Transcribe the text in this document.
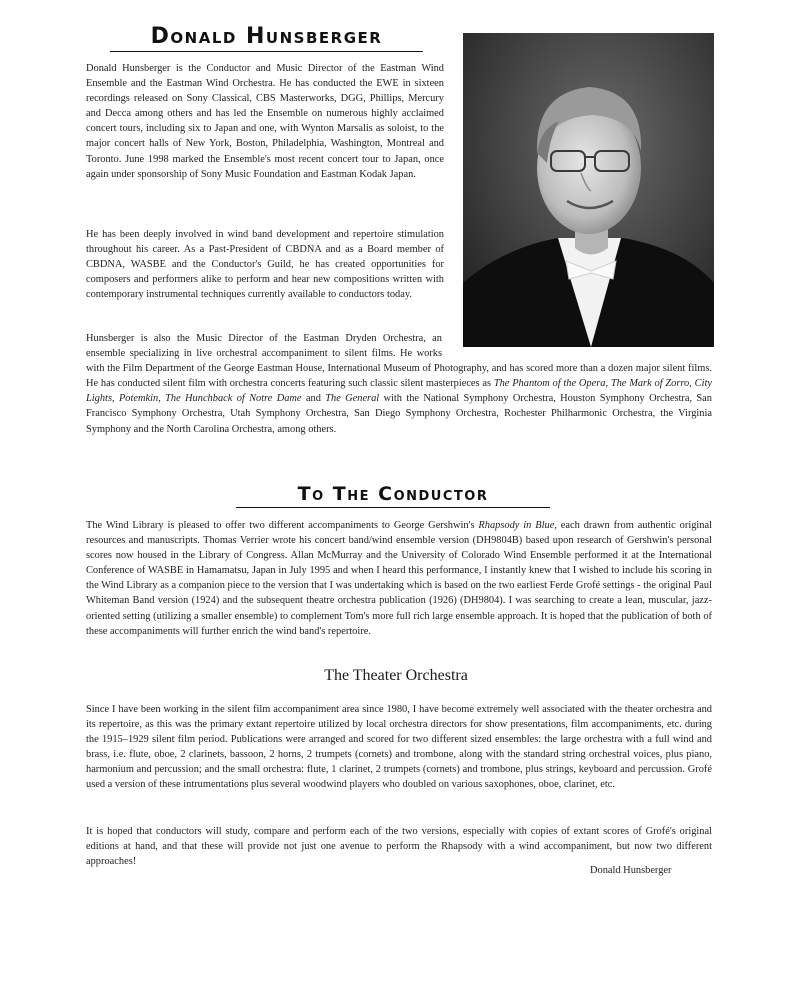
Donald Hunsberger

Donald Hunsberger is the Conductor and Music Director of the Eastman Wind Ensemble and the Eastman Wind Orchestra. He has conducted the EWE in sixteen recordings released on Sony Classical, CBS Masterworks, DGG, Phillips, Mercury and Decca among others and has led the Ensemble on numerous highly acclaimed concert tours, including six to Japan and one, with Wynton Marsalis as soloist, to the major concert halls of New York, Boston, Philadelphia, Washington, Montreal and Toronto. June 1998 marked the Ensemble's most recent concert tour to Japan, once again under sponsorship of Sony Music Foundation and Eastman Kodak Japan.

He has been deeply involved in wind band development and repertoire stimulation throughout his career. As a Past-President of CBDNA and as a Board member of CBDNA, WASBE and the Conductor's Guild, he has created opportunities for composers and performers alike to perform and hear new compositions written with contemporary instrumental techniques currently available to conductors today.

Hunsberger is also the Music Director of the Eastman Dryden Orchestra, an ensemble specializing in live orchestral accompaniment to silent films. He works with the Film Department of the George Eastman House, International Museum of Photography, and has scored more than a dozen major silent films. He has conducted silent film with orchestra concerts featuring such classic silent masterpieces as The Phantom of the Opera, The Mark of Zorro, City Lights, Potemkin, The Hunchback of Notre Dame and The General with the National Symphony Orchestra, Houston Symphony Orchestra, San Francisco Symphony Orchestra, Utah Symphony Orchestra, San Diego Symphony Orchestra, Rochester Philharmonic Orchestra, the Virginia Symphony and the North Carolina Orchestra, among others.

To The Conductor

The Wind Library is pleased to offer two different accompaniments to George Gershwin's Rhapsody in Blue, each drawn from authentic original resources and manuscripts. Thomas Verrier wrote his concert band/wind ensemble version (DH9804B) based upon research of Gershwin's personal scores now housed in the Library of Congress. Allan McMurray and the University of Colorado Wind Ensemble performed it at the International Conference of WASBE in Hamamatsu, Japan in July 1995 and when I heard this performance, I instantly knew that I wished to include his scoring in the Wind Library as a companion piece to the version that I was undertaking which is based on the two earliest Ferde Grofé settings - the original Paul Whiteman Band version (1924) and the subsequent theatre orchestra publication (1926) (DH9804). I was searching to create a lean, muscular, jazz-oriented setting (utilizing a smaller ensemble) to complement Tom's more full rich large ensemble approach. It is hoped that the publication of both of these accompaniments will further enrich the wind band's repertoire.

The Theater Orchestra

Since I have been working in the silent film accompaniment area since 1980, I have become extremely well associated with the theater orchestra and its repertoire, as this was the primary extant repertoire utilized by local orchestra directors for show presentations, film accompaniments, etc. during the 1915–1929 silent film period. Publications were arranged and scored for two different sized ensembles: the large orchestra with a full wind and brass, i.e. flute, oboe, 2 clarinets, bassoon, 2 horns, 2 trumpets (cornets) and trombone, along with the standard string orchestral voices, plus piano, harmonium and percussion; and the small orchestra: flute, 1 clarinet, 2 trumpets (cornets) and trombone, plus strings, keyboard and percussion. Grofé used a version of these intrumentations plus several woodwind players who doubled on various saxophones, oboe, clarinet, etc.

It is hoped that conductors will study, compare and perform each of the two versions, especially with copies of extant scores of Grofé's original editions at hand, and that these will provide not just one avenue to perform the Rhapsody with a wind accompaniment, but now two different approaches!

Donald Hunsberger
